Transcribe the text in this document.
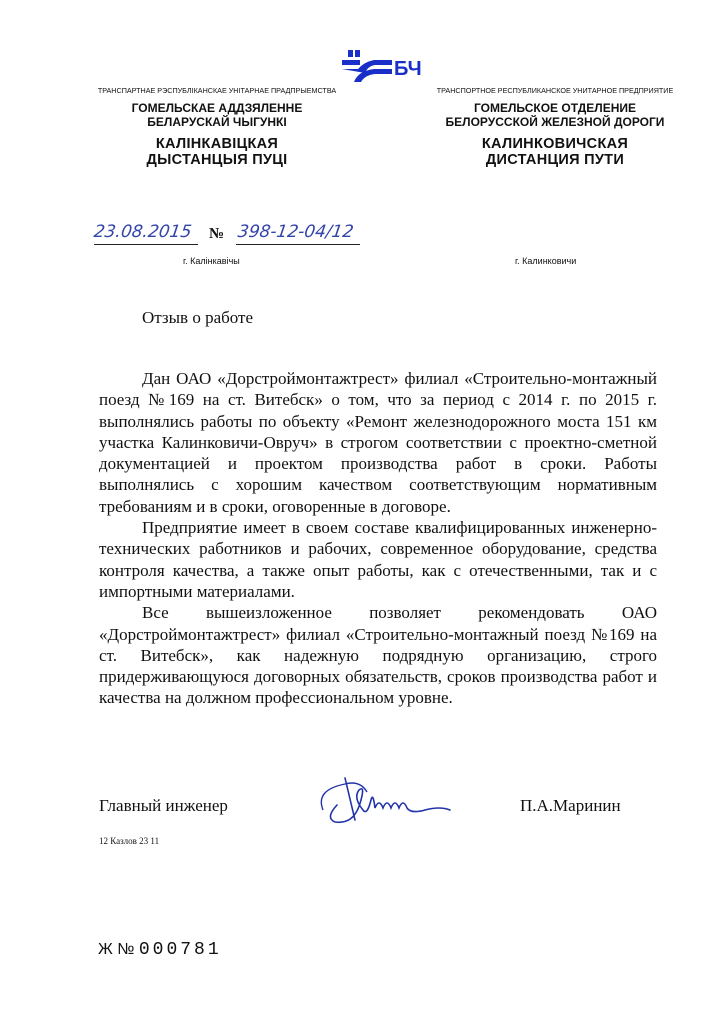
БЧ
ТРАНСПАРТНАЕ РЭСПУБЛІКАНСКАЕ УНІТАРНАЕ ПРАДПРЫЕМСТВА
ГОМЕЛЬСКАЕ АДДЗЯЛЕННЕ
БЕЛАРУСКАЙ ЧЫГУНКІ
КАЛІНКАВІЦКАЯ
ДЫСТАНЦЫЯ ПУЦІ
ТРАНСПОРТНОЕ РЕСПУБЛИКАНСКОЕ УНИТАРНОЕ ПРЕДПРИЯТИЕ
ГОМЕЛЬСКОЕ ОТДЕЛЕНИЕ
БЕЛОРУССКОЙ ЖЕЛЕЗНОЙ ДОРОГИ
КАЛИНКОВИЧСКАЯ
ДИСТАНЦИЯ ПУТИ
23.08.2015 № 398-12-04/12
г. Калінкавічы	г. Калинковичи
Отзыв о работе

Дан ОАО «Дорстроймонтажтрест» филиал «Строительно-монтажный поезд №169 на ст. Витебск» о том, что за период с 2014 г. по 2015 г. выполнялись работы по объекту «Ремонт железнодорожного моста 151 км участка Калинковичи-Овруч» в строгом соответствии с проектно-сметной документацией и проектом производства работ в сроки. Работы выполнялись с хорошим качеством соответствующим нормативным требованиям и в сроки, оговоренные в договоре.

Предприятие имеет в своем составе квалифицированных инженерно-технических работников и рабочих, современное оборудование, средства контроля качества, а также опыт работы, как с отечественными, так и с импортными материалами.

Все вышеизложенное позволяет рекомендовать ОАО «Дорстроймонтажтрест» филиал «Строительно-монтажный поезд №169 на ст. Витебск», как надежную подрядную организацию, строго придерживающуюся договорных обязательств, сроков производства работ и качества на должном профессиональном уровне.

Главный инженер	П.А.Маринин
12 Казлов 23 11
Ж № 000781
